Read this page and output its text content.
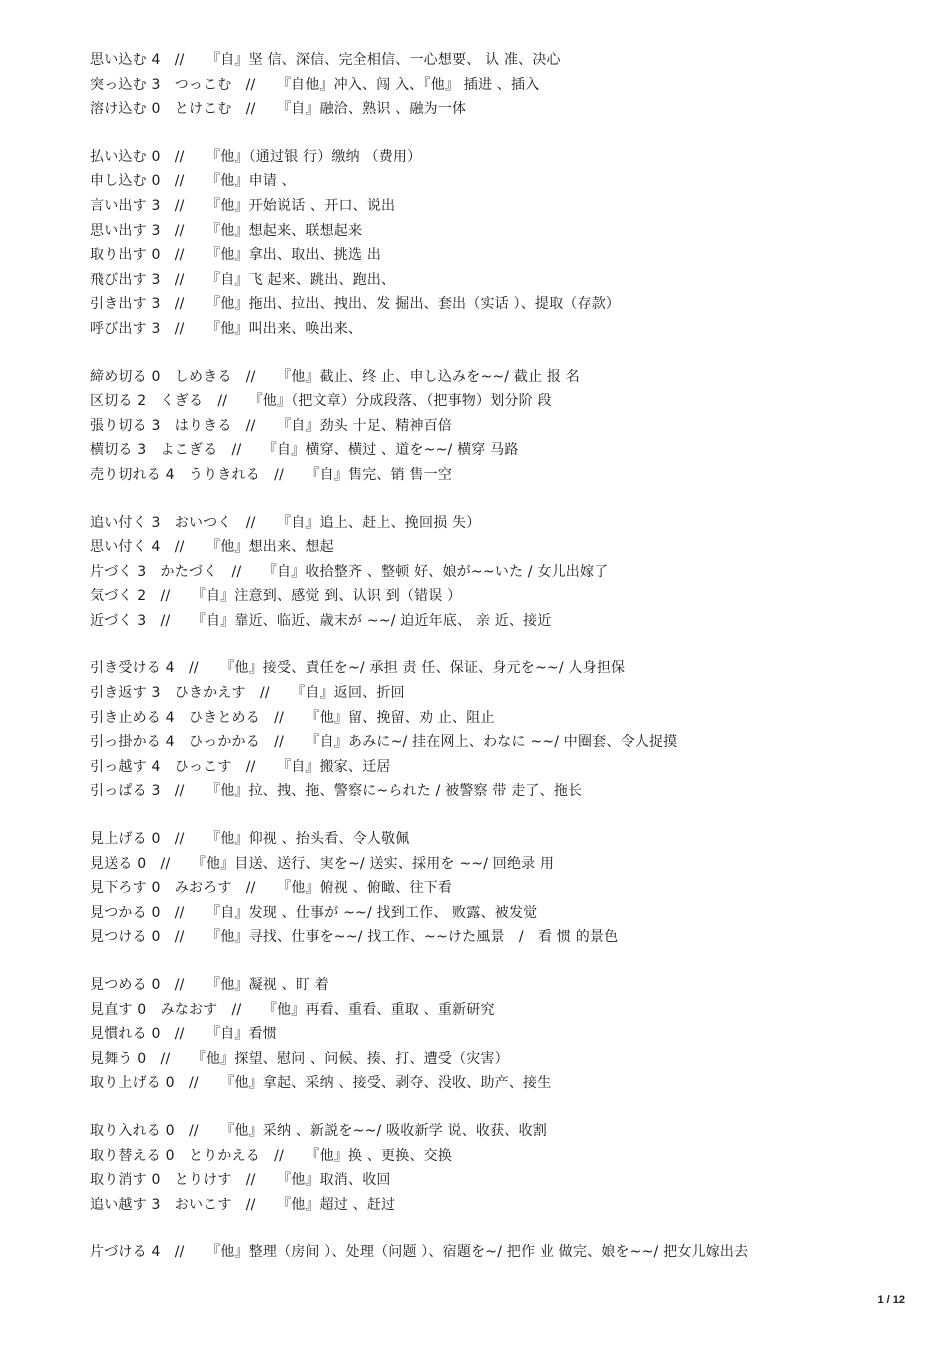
思い込む 4　//　　『自』坚 信、深信、完全相信、一心想要、 认 准、决心
突っ込む 3　つっこむ　//　　『自他』冲入、闯 入、『他』 插进 、插入
溶け込む 0　とけこむ　//　　『自』融洽、熟识 、融为一体
払い込む 0　//　　『他』（通过银 行）缴纳 （费用）
申し込む 0　//　　『他』申请 、
言い出す 3　//　　『他』开始说话 、开口、说出
思い出す 3　//　　『他』想起来、联想起来
取り出す 0　//　　『他』拿出、取出、挑选 出
飛び出す 3　//　　『自』飞 起来、跳出、跑出、
引き出す 3　//　　『他』拖出、拉出、拽出、发 掘出、套出（实话 ）、提取（存款）
呼び出す 3　//　　『他』叫出来、唤出来、
締め切る 0　しめきる　//　　『他』截止、终 止、申し込みを~~/ 截止 报 名
区切る 2　くぎる　//　　『他』（把文章）分成段落、（把事物）划分阶 段
張り切る 3　はりきる　//　　『自』劲头 十足、精神百倍
横切る 3　よこぎる　//　　『自』横穿、横过 、道を~~/ 横穿 马路
売り切れる 4　うりきれる　//　　『自』售完、销 售一空
追い付く 3　おいつく　//　　『自』追上、赶上、挽回损 失）
思い付く 4　//　　『他』想出来、想起
片づく 3　かたづく　//　　『自』收拾整齐 、整顿 好、娘が~~いた / 女儿出嫁了
気づく 2　//　　『自』注意到、感觉 到、认识 到（错误 ）
近づく 3　//　　『自』靠近、临近、歳末が ~~/ 迫近年底、 亲 近、接近
引き受ける 4　//　　『他』接受、責任を~/ 承担 责 任、保证、身元を~~/ 人身担保
引き返す 3　ひきかえす　//　　『自』返回、折回
引き止める 4　ひきとめる　//　　『他』留、挽留、劝 止、阻止
引っ掛かる 4　ひっかかる　//　　『自』あみに~/ 挂在网上、わなに ~~/ 中圈套、令人捉摸
引っ越す 4　ひっこす　//　　『自』搬家、迁居
引っぱる 3　//　　『他』拉、拽、拖、警察に~られた / 被警察 带 走了、拖长
見上げる 0　//　　『他』仰视 、抬头看、令人敬佩
見送る 0　//　　『他』目送、送行、実を~/ 送实、採用を ~~/ 回绝录 用
見下ろす 0　みおろす　//　　『他』俯视 、俯瞰、往下看
見つかる 0　//　　『自』发现 、仕事が ~~/ 找到工作、 败露、被发觉
見つける 0　//　　『他』寻找、仕事を~~/ 找工作、~~けた風景　/　看 惯 的景色
見つめる 0　//　　『他』凝视 、盯 着
見直す 0　みなおす　//　　『他』再看、重看、重取 、重新研究
見慣れる 0　//　　『自』看惯
見舞う 0　//　　『他』探望、慰问 、问候、揍、打、遭受（灾害）
取り上げる 0　//　　『他』拿起、采纳 、接受、剥夺、没收、助产、接生
取り入れる 0　//　　『他』采纳 、新説を~~/ 吸收新学 说、收获、收割
取り替える 0　とりかえる　//　　『他』换 、更换、交换
取り消す 0　とりけす　//　　『他』取消、收回
追い越す 3　おいこす　//　　『他』超过 、赶过
片づける 4　//　　『他』整理（房间 ）、处理（问题 ）、宿題を~/ 把作 业 做完、娘を~~/ 把女儿嫁出去
1 / 12
